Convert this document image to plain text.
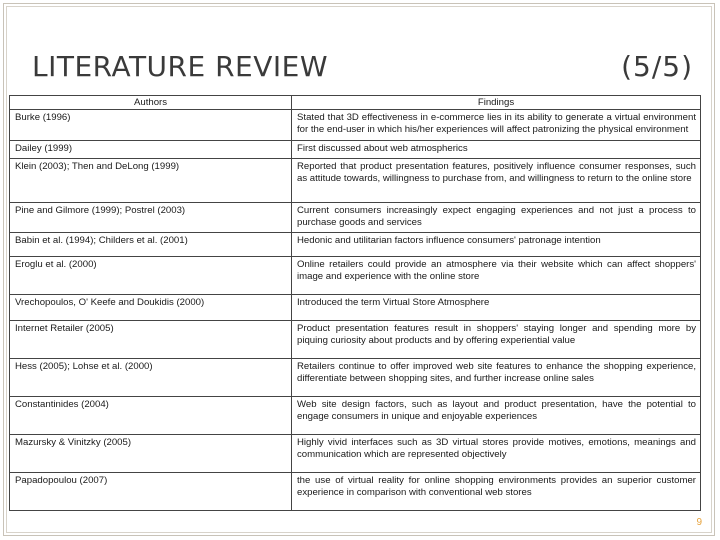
LITERATURE REVIEW	(5/5)
Authors	Findings
Burke (1996)	Stated that 3D effectiveness in e-commerce lies in its ability to generate a virtual environment for the end-user in which his/her experiences will affect patronizing the physical environment
Dailey (1999)	First discussed about web atmospherics
Klein (2003); Then and DeLong (1999)	Reported that product presentation features, positively influence consumer responses, such as attitude towards, willingness to purchase from, and willingness to return to the online store
Pine and Gilmore (1999); Postrel (2003)	Current consumers increasingly expect engaging experiences and not just a process to purchase goods and services
Babin et al. (1994); Childers et al. (2001)	Hedonic and utilitarian factors influence consumers' patronage intention
Eroglu et al. (2000)	Online retailers could provide an atmosphere via their website which can affect shoppers' image and experience with the online store
Vrechopoulos, O' Keefe and Doukidis (2000)	Introduced the term Virtual Store Atmosphere
Internet Retailer (2005)	Product presentation features result in shoppers' staying longer and spending more by piquing curiosity about products and by offering experiential value
Hess (2005); Lohse et al. (2000)	Retailers continue to offer improved web site features to enhance the shopping experience, differentiate between shopping sites, and further increase online sales
Constantinides (2004)	Web site design factors, such as layout and product presentation, have the potential to engage consumers in unique and enjoyable experiences
Mazursky & Vinitzky (2005)	Highly vivid interfaces such as 3D virtual stores provide motives, emotions, meanings and communication which are represented objectively
Papadopoulou (2007)	the use of virtual reality for online shopping environments provides an superior customer experience in comparison with conventional web stores
9
